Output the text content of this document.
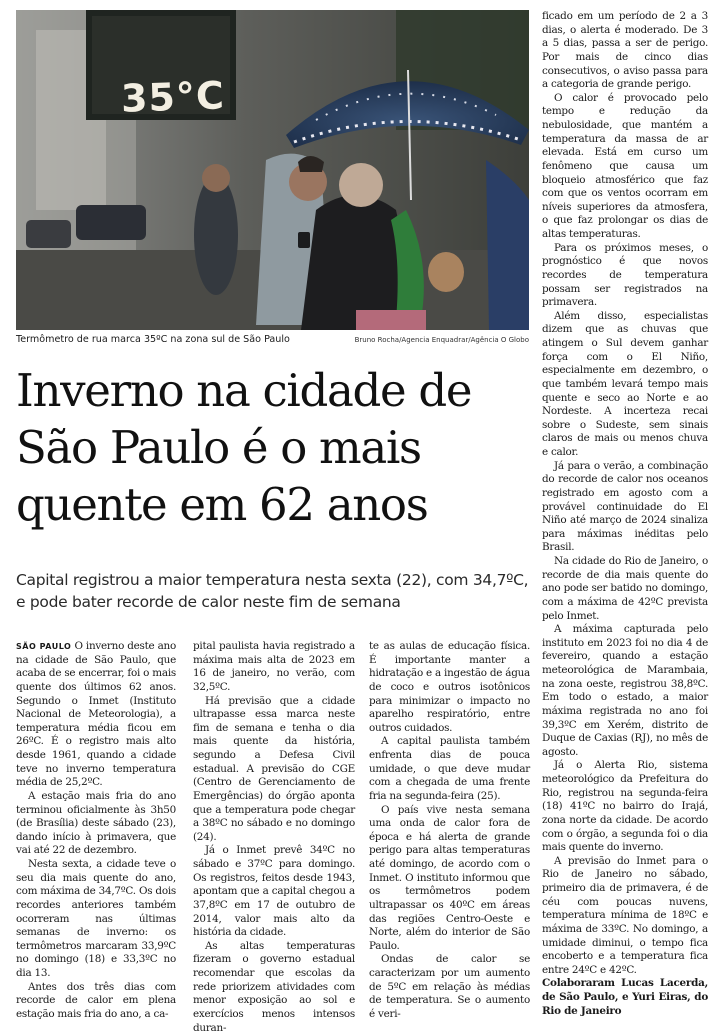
35°C
Termômetro de rua marca 35ºC na zona sul de São Paulo	Bruno Rocha/Agencia Enquadrar/Agência O Globo
Inverno na cidade de São Paulo é o mais quente em 62 anos

Capital registrou a maior temperatura nesta sexta (22), com 34,7ºC, e pode bater recorde de calor neste fim de semana

SÃO PAULO O inverno deste ano na cidade de São Paulo, que acaba de se encerrar, foi o mais quente dos últimos 62 anos. Segundo o Inmet (Instituto Nacional de Meteorologia), a temperatura média ficou em 26ºC. É o registro mais alto desde 1961, quando a cidade teve no inverno temperatura média de 25,2ºC.

A estação mais fria do ano terminou oficialmente às 3h50 (de Brasília) deste sábado (23), dando início à primavera, que vai até 22 de dezembro.

Nesta sexta, a cidade teve o seu dia mais quente do ano, com máxima de 34,7ºC. Os dois recordes anteriores também ocorreram nas últimas semanas de inverno: os termômetros marcaram 33,9ºC no domingo (18) e 33,3ºC no dia 13.

Antes dos três dias com recorde de calor em plena estação mais fria do ano, a ca-

pital paulista havia registrado a máxima mais alta de 2023 em 16 de janeiro, no verão, com 32,5ºC.

Há previsão que a cidade ultrapasse essa marca neste fim de semana e tenha o dia mais quente da história, segundo a Defesa Civil estadual. A previsão do CGE (Centro de Gerenciamento de Emergências) do órgão aponta que a temperatura pode chegar a 38ºC no sábado e no domingo (24).

Já o Inmet prevê 34ºC no sábado e 37ºC para domingo. Os registros, feitos desde 1943, apontam que a capital chegou a 37,8ºC em 17 de outubro de 2014, valor mais alto da história da cidade.

As altas temperaturas fizeram o governo estadual recomendar que escolas da rede priorizem atividades com menor exposição ao sol e exercícios menos intensos duran-

te as aulas de educação física. É importante manter a hidratação e a ingestão de água de coco e outros isotônicos para minimizar o impacto no aparelho respiratório, entre outros cuidados.

A capital paulista também enfrenta dias de pouca umidade, o que deve mudar com a chegada de uma frente fria na segunda-feira (25).

O país vive nesta semana uma onda de calor fora de época e há alerta de grande perigo para altas temperaturas até domingo, de acordo com o Inmet. O instituto informou que os termômetros podem ultrapassar os 40ºC em áreas das regiões Centro-Oeste e Norte, além do interior de São Paulo.

Ondas de calor se caracterizam por um aumento de 5ºC em relação às médias de temperatura. Se o aumento é veri-

ficado em um período de 2 a 3 dias, o alerta é moderado. De 3 a 5 dias, passa a ser de perigo. Por mais de cinco dias consecutivos, o aviso passa para a categoria de grande perigo.

O calor é provocado pelo tempo e redução da nebulosidade, que mantém a temperatura da massa de ar elevada. Está em curso um fenômeno que causa um bloqueio atmosférico que faz com que os ventos ocorram em níveis superiores da atmosfera, o que faz prolongar os dias de altas temperaturas.

Para os próximos meses, o prognóstico é que novos recordes de temperatura possam ser registrados na primavera.

Além disso, especialistas dizem que as chuvas que atingem o Sul devem ganhar força com o El Niño, especialmente em dezembro, o que também levará tempo mais quente e seco ao Norte e ao Nordeste. A incerteza recai sobre o Sudeste, sem sinais claros de mais ou menos chuva e calor.

Já para o verão, a combinação do recorde de calor nos oceanos registrado em agosto com a provável continuidade do El Niño até março de 2024 sinaliza para máximas inéditas pelo Brasil.

Na cidade do Rio de Janeiro, o recorde de dia mais quente do ano pode ser batido no domingo, com a máxima de 42ºC prevista pelo Inmet.

A máxima capturada pelo instituto em 2023 foi no dia 4 de fevereiro, quando a estação meteorológica de Marambaia, na zona oeste, registrou 38,8ºC. Em todo o estado, a maior máxima registrada no ano foi 39,3ºC em Xerém, distrito de Duque de Caxias (RJ), no mês de agosto.

Já o Alerta Rio, sistema meteorológico da Prefeitura do Rio, registrou na segunda-feira (18) 41ºC no bairro do Irajá, zona norte da cidade. De acordo com o órgão, a segunda foi o dia mais quente do inverno.

A previsão do Inmet para o Rio de Janeiro no sábado, primeiro dia de primavera, é de céu com poucas nuvens, temperatura mínima de 18ºC e máxima de 33ºC. No domingo, a umidade diminui, o tempo fica encoberto e a temperatura fica entre 24ºC e 42ºC.

Colaboraram Lucas Lacerda, de São Paulo, e Yuri Eiras, do Rio de Janeiro
